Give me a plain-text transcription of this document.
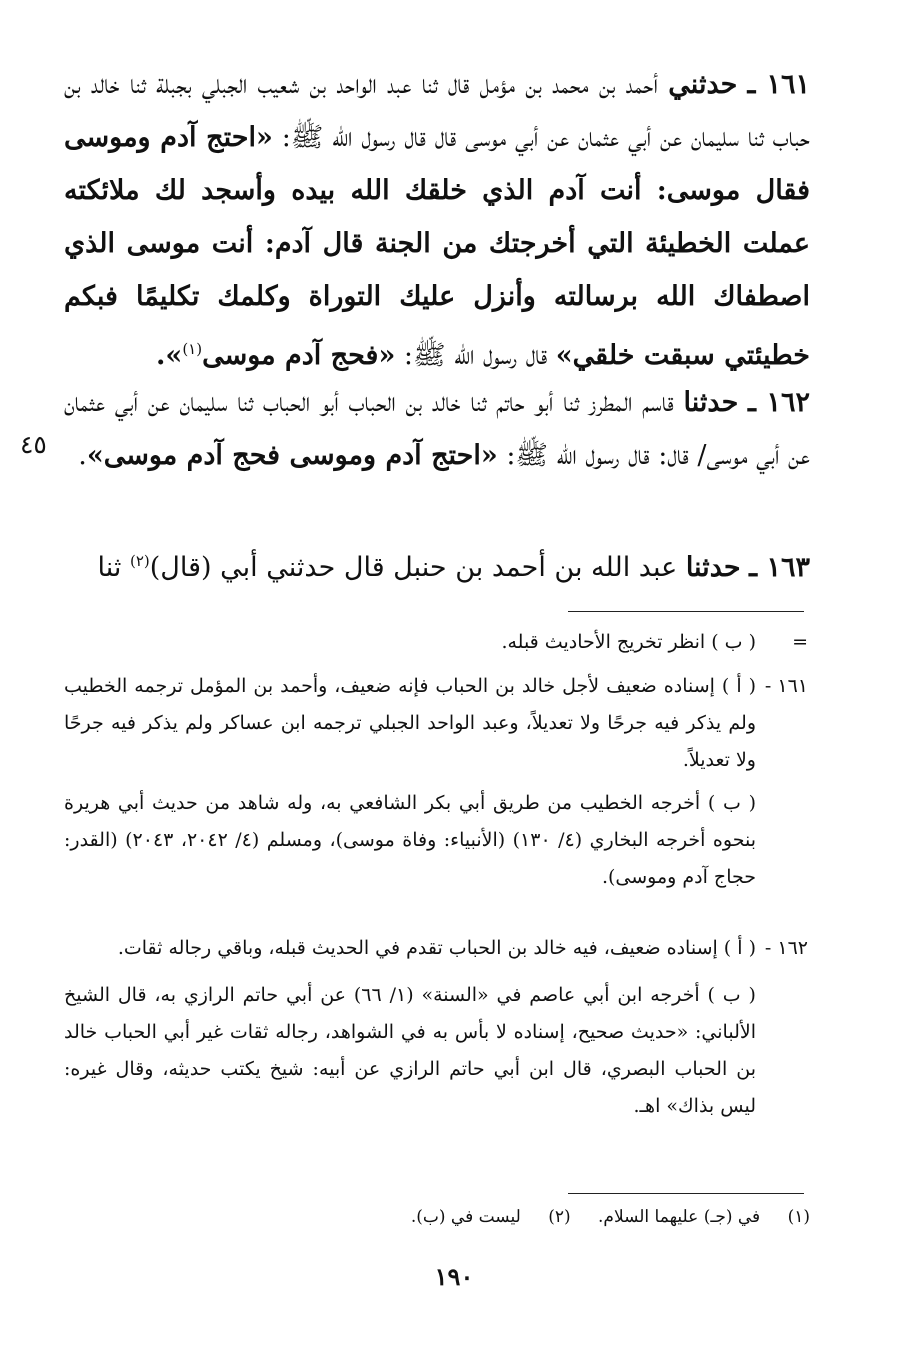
١٦١ ـ حدثني أحمد بن محمد بن مؤمل قال ثنا عبد الواحد بن شعيب الجبلي بجبلة ثنا خالد بن حباب ثنا سليمان عن أبي عثمان عن أبي موسى قال قال رسول الله ﷺ: «احتج آدم وموسى فقال موسى: أنت آدم الذي خلقك الله بيده وأسجد لك ملائكته عملت الخطيئة التي أخرجتك من الجنة قال آدم: أنت موسى الذي اصطفاك الله برسالته وأنزل عليك التوراة وكلمك تكليمًا فبكم خطيئتي سبقت خلقي» قال رسول الله ﷺ: «فحج آدم موسى$^{(١)}$».
١٦٢ ـ حدثنا قاسم المطرز ثنا أبو حاتم ثنا خالد بن الحباب أبو الحباب ثنا سليمان عن أبي عثمان عن أبي موسى/ قال: قال رسول الله ﷺ: «احتج آدم وموسى فحج آدم موسى».
٤٥
١٦٣ ـ حدثنا عبد الله بن أحمد بن حنبل قال حدثني أبي (قال)$^{(٢)}$ ثنا
=
( ب ) انظر تخريج الأحاديث قبله.
١٦١ -
( أ ) إسناده ضعيف لأجل خالد بن الحباب فإنه ضعيف، وأحمد بن المؤمل ترجمه الخطيب ولم يذكر فيه جرحًا ولا تعديلاً، وعبد الواحد الجبلي ترجمه ابن عساكر ولم يذكر فيه جرحًا ولا تعديلاً.
( ب ) أخرجه الخطيب من طريق أبي بكر الشافعي به، وله شاهد من حديث أبي هريرة بنحوه أخرجه البخاري (٤/ ١٣٠) (الأنبياء: وفاة موسى)، ومسلم (٤/ ٢٠٤٢، ٢٠٤٣) (القدر: حجاج آدم وموسى).
١٦٢ -
( أ ) إسناده ضعيف، فيه خالد بن الحباب تقدم في الحديث قبله، وباقي رجاله ثقات.
( ب ) أخرجه ابن أبي عاصم في «السنة» (١/ ٦٦) عن أبي حاتم الرازي به، قال الشيخ الألباني: «حديث صحيح، إسناده لا بأس به في الشواهد، رجاله ثقات غير أبي الحباب خالد بن الحباب البصري، قال ابن أبي حاتم الرازي عن أبيه: شيخ يكتب حديثه، وقال غيره: ليس بذاك» اهـ.
(١) في (جـ) عليهما السلام. (٢) ليست في (ب).
١٩٠
